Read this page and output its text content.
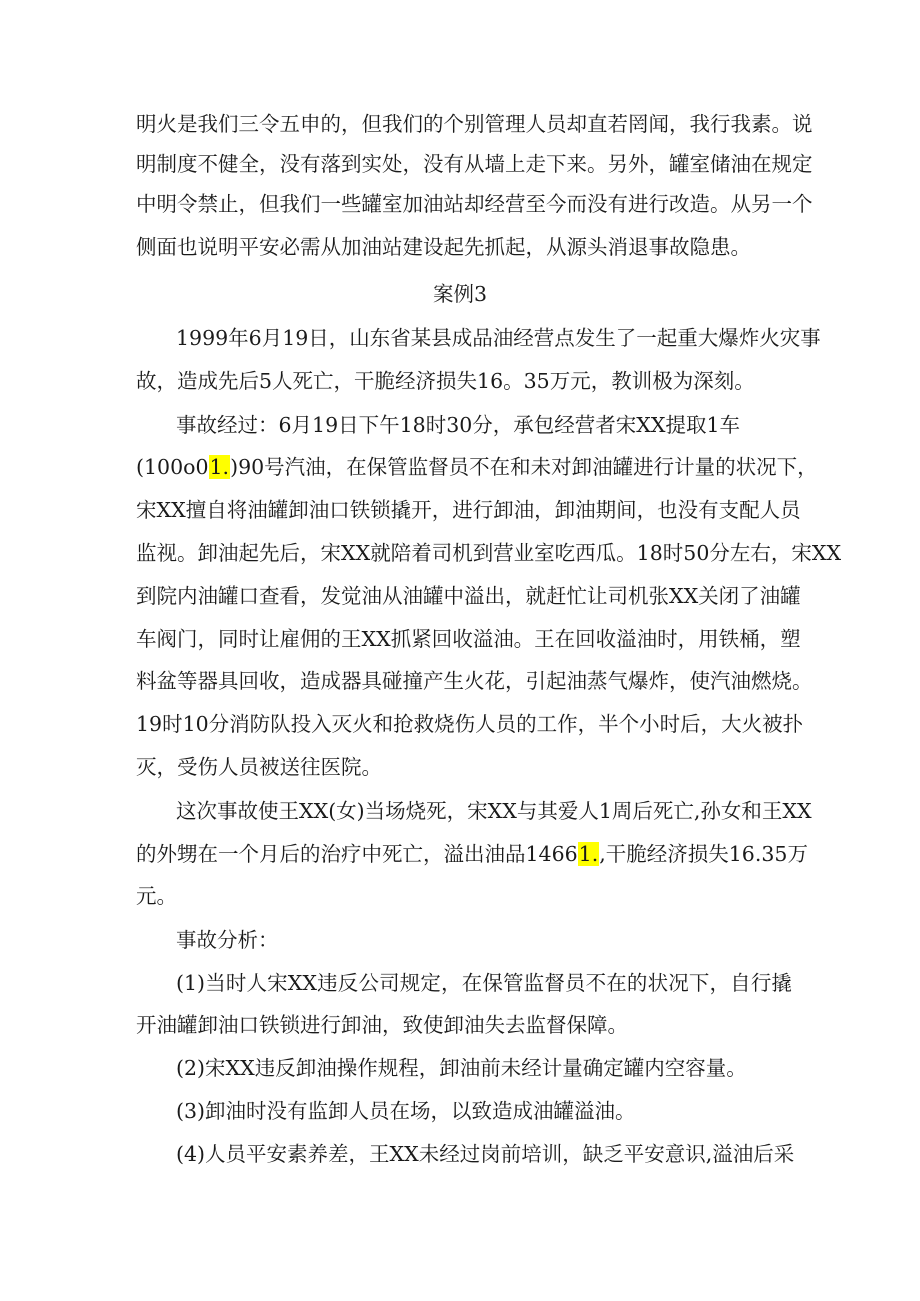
明火是我们三令五申的，但我们的个别管理人员却直若罔闻，我行我素。说
明制度不健全，没有落到实处，没有从墙上走下来。另外，罐室储油在规定
中明令禁止，但我们一些罐室加油站却经营至今而没有进行改造。从另一个
侧面也说明平安必需从加油站建设起先抓起，从源头消退事故隐患。
案例3
1999年6月19日，山东省某县成品油经营点发生了一起重大爆炸火灾事
故，造成先后5人死亡，干脆经济损失16。35万元，教训极为深刻。
事故经过：6月19日下午18时30分，承包经营者宋XX提取1车
(100o01.)90号汽油，在保管监督员不在和未对卸油罐进行计量的状况下，
宋XX擅自将油罐卸油口铁锁撬开，进行卸油，卸油期间，也没有支配人员
监视。卸油起先后，宋XX就陪着司机到营业室吃西瓜。18时50分左右，宋XX
到院内油罐口查看，发觉油从油罐中溢出，就赶忙让司机张XX关闭了油罐
车阀门，同时让雇佣的王XX抓紧回收溢油。王在回收溢油时，用铁桶，塑
料盆等器具回收，造成器具碰撞产生火花，引起油蒸气爆炸，使汽油燃烧。
19时10分消防队投入灭火和抢救烧伤人员的工作，半个小时后，大火被扑
灭，受伤人员被送往医院。
这次事故使王XX(女)当场烧死，宋XX与其爱人1周后死亡,孙女和王XX
的外甥在一个月后的治疗中死亡，溢出油品14661.,干脆经济损失16.35万
元。
事故分析：
(1)当时人宋XX违反公司规定，在保管监督员不在的状况下，自行撬
开油罐卸油口铁锁进行卸油，致使卸油失去监督保障。
(2)宋XX违反卸油操作规程，卸油前未经计量确定罐内空容量。
(3)卸油时没有监卸人员在场，以致造成油罐溢油。
(4)人员平安素养差，王XX未经过岗前培训，缺乏平安意识,溢油后采
